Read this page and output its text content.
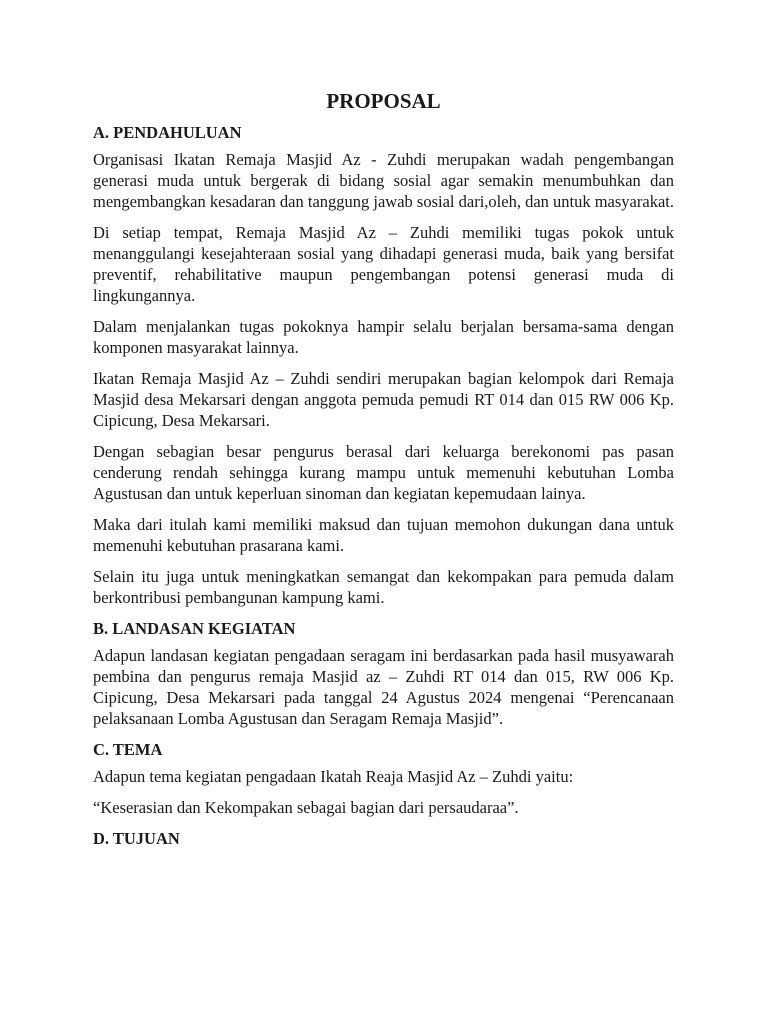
PROPOSAL
A. PENDAHULUAN

Organisasi Ikatan Remaja Masjid Az - Zuhdi merupakan wadah pengembangan generasi muda untuk bergerak di bidang sosial agar semakin menumbuhkan dan mengembangkan kesadaran dan tanggung jawab sosial dari,oleh, dan untuk masyarakat.

Di setiap tempat, Remaja Masjid Az – Zuhdi memiliki tugas pokok untuk menanggulangi kesejahteraan sosial yang dihadapi generasi muda, baik yang bersifat preventif, rehabilitative maupun pengembangan potensi generasi muda di lingkungannya.

Dalam menjalankan tugas pokoknya hampir selalu berjalan bersama-sama dengan komponen masyarakat lainnya.

Ikatan Remaja Masjid Az – Zuhdi sendiri merupakan bagian kelompok dari Remaja Masjid desa Mekarsari dengan anggota pemuda pemudi RT 014 dan 015 RW 006 Kp. Cipicung, Desa Mekarsari.

Dengan sebagian besar pengurus berasal dari keluarga berekonomi pas pasan cenderung rendah sehingga kurang mampu untuk memenuhi kebutuhan Lomba Agustusan dan untuk keperluan sinoman dan kegiatan kepemudaan lainya.

Maka dari itulah kami memiliki maksud dan tujuan memohon dukungan dana untuk memenuhi kebutuhan prasarana kami.

Selain itu juga untuk meningkatkan semangat dan kekompakan para pemuda dalam berkontribusi pembangunan kampung kami.

B. LANDASAN KEGIATAN

Adapun landasan kegiatan pengadaan seragam ini berdasarkan pada hasil musyawarah pembina dan pengurus remaja Masjid az – Zuhdi RT 014 dan 015, RW 006 Kp. Cipicung, Desa Mekarsari pada tanggal 24 Agustus 2024 mengenai “Perencanaan pelaksanaan Lomba Agustusan dan Seragam Remaja Masjid”.

C. TEMA

Adapun tema kegiatan pengadaan Ikatah Reaja Masjid Az – Zuhdi yaitu:

“Keserasian dan Kekompakan sebagai bagian dari persaudaraa”.

D. TUJUAN
